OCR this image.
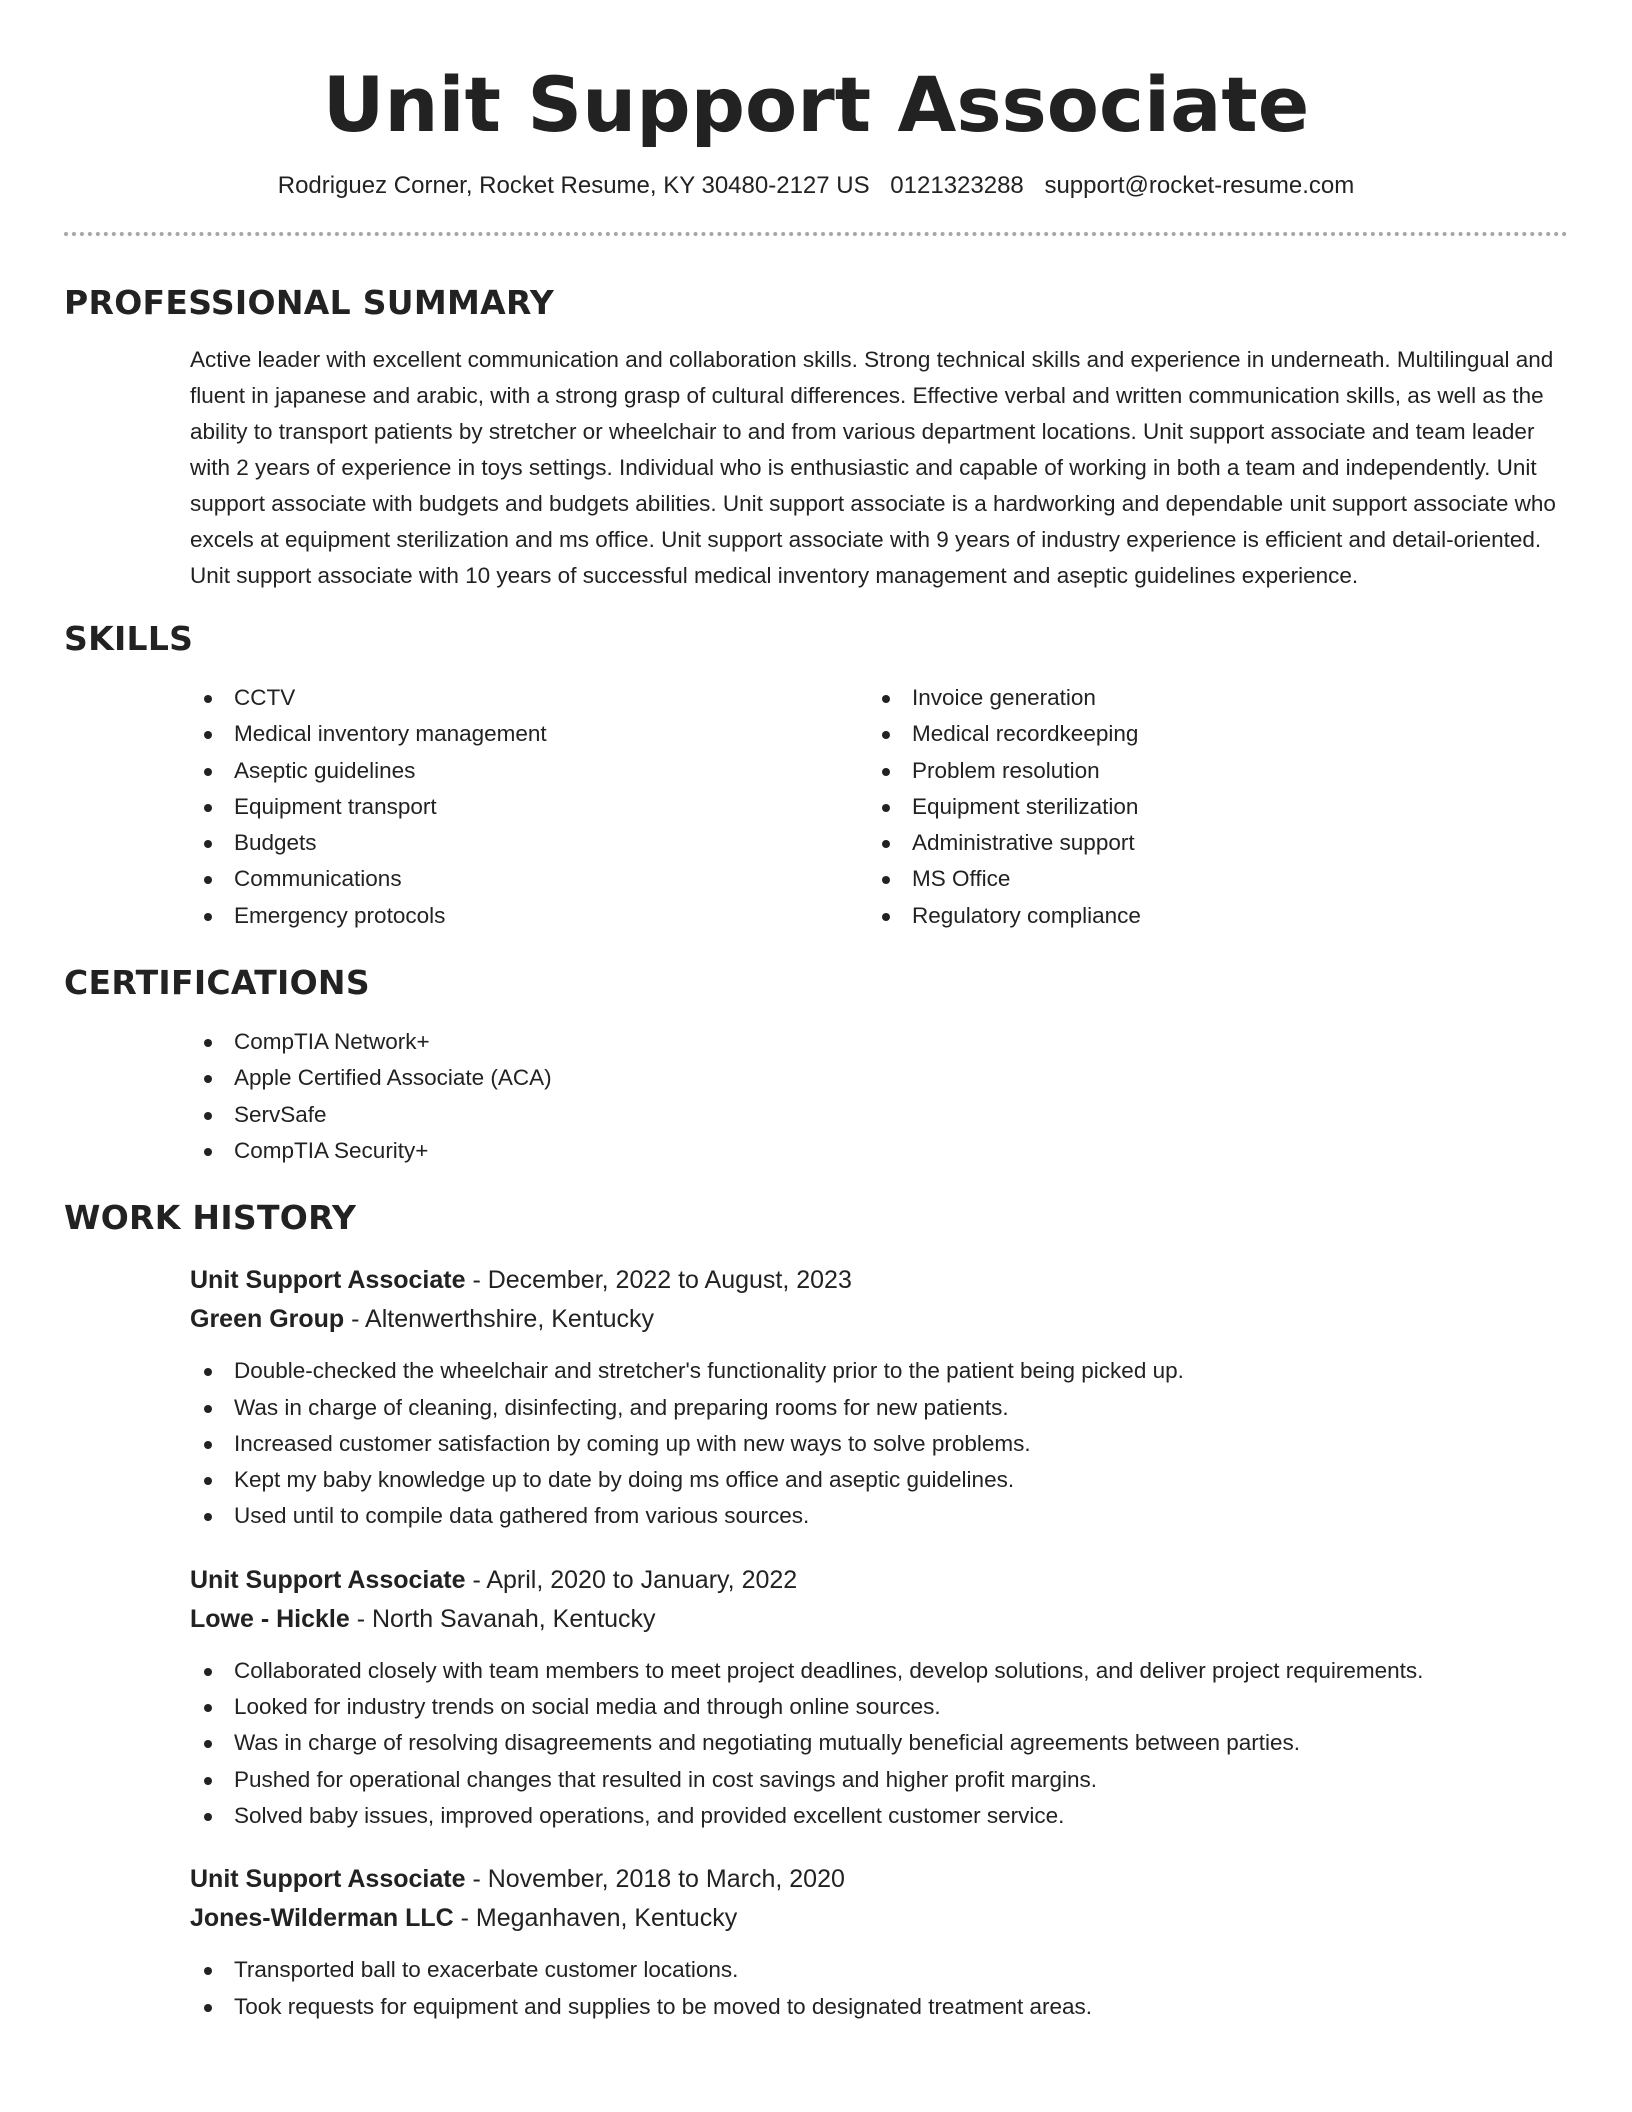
Unit Support Associate
Rodriguez Corner, Rocket Resume, KY 30480-2127 US 0121323288 support@rocket-resume.com
PROFESSIONAL SUMMARY

Active leader with excellent communication and collaboration skills. Strong technical skills and experience in underneath. Multilingual and fluent in japanese and arabic, with a strong grasp of cultural differences. Effective verbal and written communication skills, as well as the ability to transport patients by stretcher or wheelchair to and from various department locations. Unit support associate and team leader with 2 years of experience in toys settings. Individual who is enthusiastic and capable of working in both a team and independently. Unit support associate with budgets and budgets abilities. Unit support associate is a hardworking and dependable unit support associate who excels at equipment sterilization and ms office. Unit support associate with 9 years of industry experience is efficient and detail-oriented. Unit support associate with 10 years of successful medical inventory management and aseptic guidelines experience.

SKILLS
CCTV
Medical inventory management
Aseptic guidelines
Equipment transport
Budgets
Communications
Emergency protocols
Invoice generation
Medical recordkeeping
Problem resolution
Equipment sterilization
Administrative support
MS Office
Regulatory compliance
CERTIFICATIONS
CompTIA Network+
Apple Certified Associate (ACA)
ServSafe
CompTIA Security+
WORK HISTORY
Unit Support Associate - December, 2022 to August, 2023
Green Group - Altenwerthshire, Kentucky
Double-checked the wheelchair and stretcher's functionality prior to the patient being picked up.
Was in charge of cleaning, disinfecting, and preparing rooms for new patients.
Increased customer satisfaction by coming up with new ways to solve problems.
Kept my baby knowledge up to date by doing ms office and aseptic guidelines.
Used until to compile data gathered from various sources.
Unit Support Associate - April, 2020 to January, 2022
Lowe - Hickle - North Savanah, Kentucky
Collaborated closely with team members to meet project deadlines, develop solutions, and deliver project requirements.
Looked for industry trends on social media and through online sources.
Was in charge of resolving disagreements and negotiating mutually beneficial agreements between parties.
Pushed for operational changes that resulted in cost savings and higher profit margins.
Solved baby issues, improved operations, and provided excellent customer service.
Unit Support Associate - November, 2018 to March, 2020
Jones-Wilderman LLC - Meganhaven, Kentucky
Transported ball to exacerbate customer locations.
Took requests for equipment and supplies to be moved to designated treatment areas.
